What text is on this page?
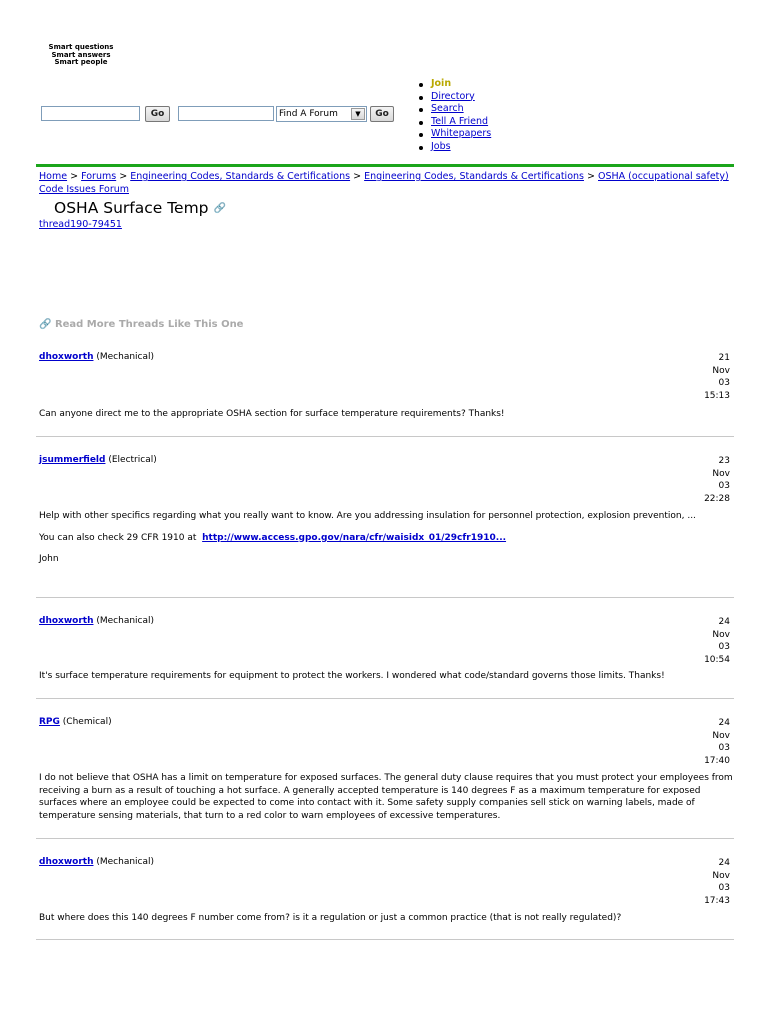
Smart questions
Smart answers
Smart people
Go	Find A Forum	▼	Go
Join
Directory
Search
Tell A Friend
Whitepapers
Jobs
Home > Forums > Engineering Codes, Standards & Certifications > Engineering Codes, Standards & Certifications > OSHA (occupational safety) Code Issues Forum
OSHA Surface Temp 🔗
thread190-79451
🔗 Read More Threads Like This One
dhoxworth (Mechanical)	21
Nov
03
15:13

Can anyone direct me to the appropriate OSHA section for surface temperature requirements? Thanks!

jsummerfield (Electrical)	23
Nov
03
22:28

Help with other specifics regarding what you really want to know. Are you addressing insulation for personnel protection, explosion prevention, ...

You can also check 29 CFR 1910 at http://www.access.gpo.gov/nara/cfr/waisidx_01/29cfr1910...

John

dhoxworth (Mechanical)	24
Nov
03
10:54

It's surface temperature requirements for equipment to protect the workers. I wondered what code/standard governs those limits. Thanks!

RPG (Chemical)	24
Nov
03
17:40

I do not believe that OSHA has a limit on temperature for exposed surfaces. The general duty clause requires that you must protect your employees from receiving a burn as a result of touching a hot surface. A generally accepted temperature is 140 degrees F as a maximum temperature for exposed surfaces where an employee could be expected to come into contact with it. Some safety supply companies sell stick on warning labels, made of temperature sensing materials, that turn to a red color to warn employees of excessive temperatures.

dhoxworth (Mechanical)	24
Nov
03
17:43

But where does this 140 degrees F number come from? is it a regulation or just a common practice (that is not really regulated)?
